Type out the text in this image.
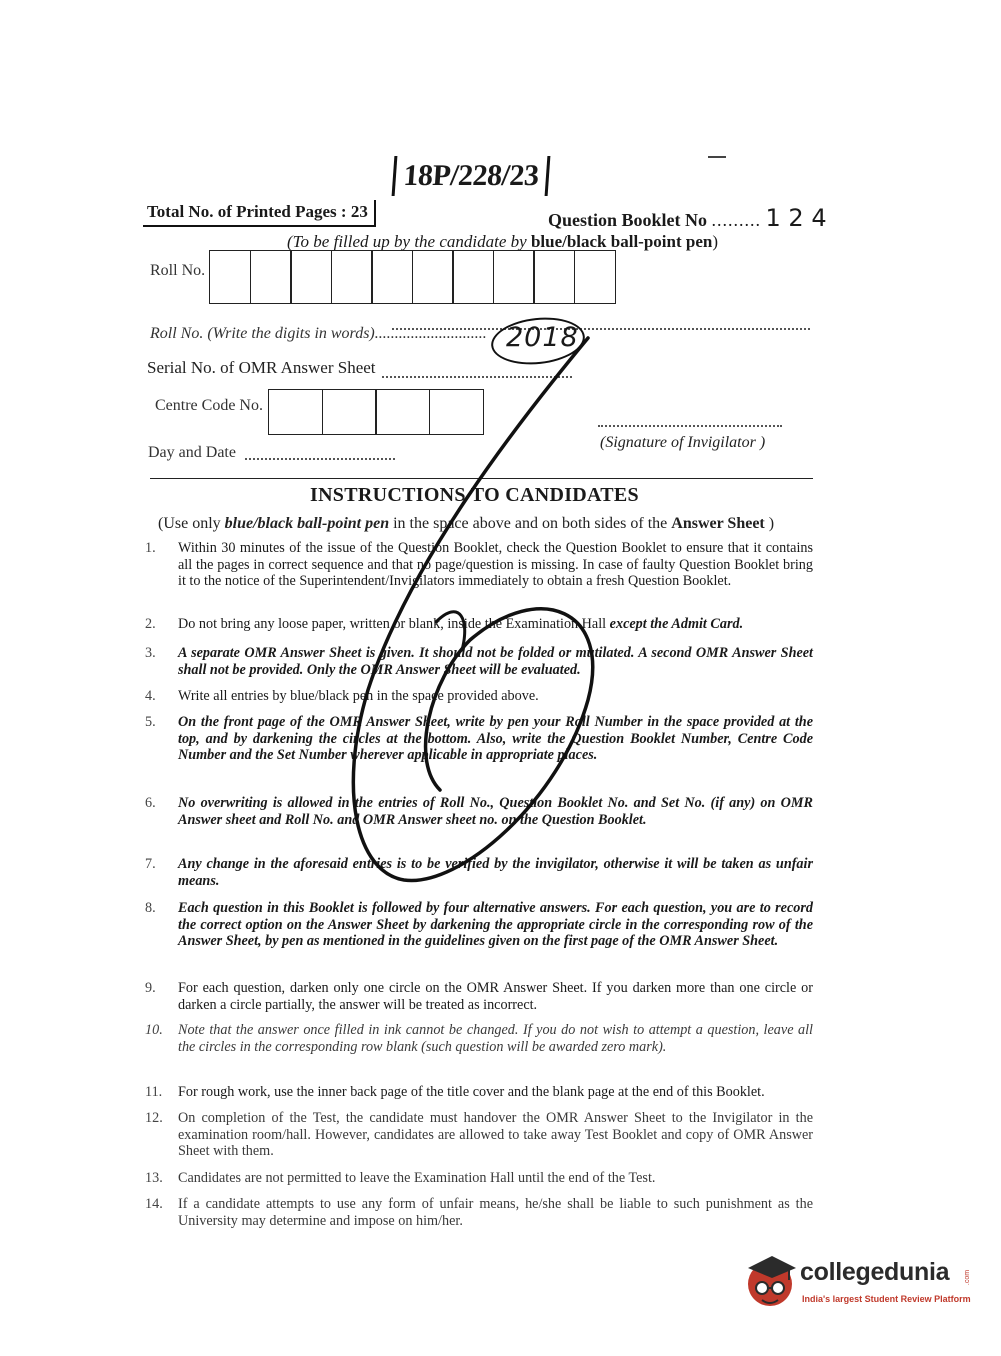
18P/228/23
Total No. of Printed Pages : 23	Question Booklet No ......... 1 2 4
(To be filled up by the candidate by blue/black ball-point pen)
Roll No.
Roll No. (Write the digits in words)............................ 2018
Serial No. of OMR Answer Sheet
Centre Code No.
(Signature of Invigilator )
Day and Date
INSTRUCTIONS TO CANDIDATES
(Use only blue/black ball-point pen in the space above and on both sides of the Answer Sheet )
1.	Within 30 minutes of the issue of the Question Booklet, check the Question Booklet to ensure that it contains all the pages in correct sequence and that no page/question is missing. In case of faulty Question Booklet bring it to the notice of the Superintendent/Invigilators immediately to obtain a fresh Question Booklet.
2.	Do not bring any loose paper, written or blank, inside the Examination Hall except the Admit Card.
3.	A separate OMR Answer Sheet is given. It should not be folded or mutilated. A second OMR Answer Sheet shall not be provided. Only the OMR Answer Sheet will be evaluated.
4.	Write all entries by blue/black pen in the space provided above.
5.	On the front page of the OMR Answer Sheet, write by pen your Roll Number in the space provided at the top, and by darkening the circles at the bottom. Also, write the Question Booklet Number, Centre Code Number and the Set Number wherever applicable in appropriate places.
6.	No overwriting is allowed in the entries of Roll No., Question Booklet No. and Set No. (if any) on OMR Answer sheet and Roll No. and OMR Answer sheet no. on the Question Booklet.
7.	Any change in the aforesaid entries is to be verified by the invigilator, otherwise it will be taken as unfair means.
8.	Each question in this Booklet is followed by four alternative answers. For each question, you are to record the correct option on the Answer Sheet by darkening the appropriate circle in the corresponding row of the Answer Sheet, by pen as mentioned in the guidelines given on the first page of the OMR Answer Sheet.
9.	For each question, darken only one circle on the OMR Answer Sheet. If you darken more than one circle or darken a circle partially, the answer will be treated as incorrect.
10.	Note that the answer once filled in ink cannot be changed. If you do not wish to attempt a question, leave all the circles in the corresponding row blank (such question will be awarded zero mark).
11.	For rough work, use the inner back page of the title cover and the blank page at the end of this Booklet.
12.	On completion of the Test, the candidate must handover the OMR Answer Sheet to the Invigilator in the examination room/hall. However, candidates are allowed to take away Test Booklet and copy of OMR Answer Sheet with them.
13.	Candidates are not permitted to leave the Examination Hall until the end of the Test.
14.	If a candidate attempts to use any form of unfair means, he/she shall be liable to such punishment as the University may determine and impose on him/her.
collegedunia .com
India's largest Student Review Platform
